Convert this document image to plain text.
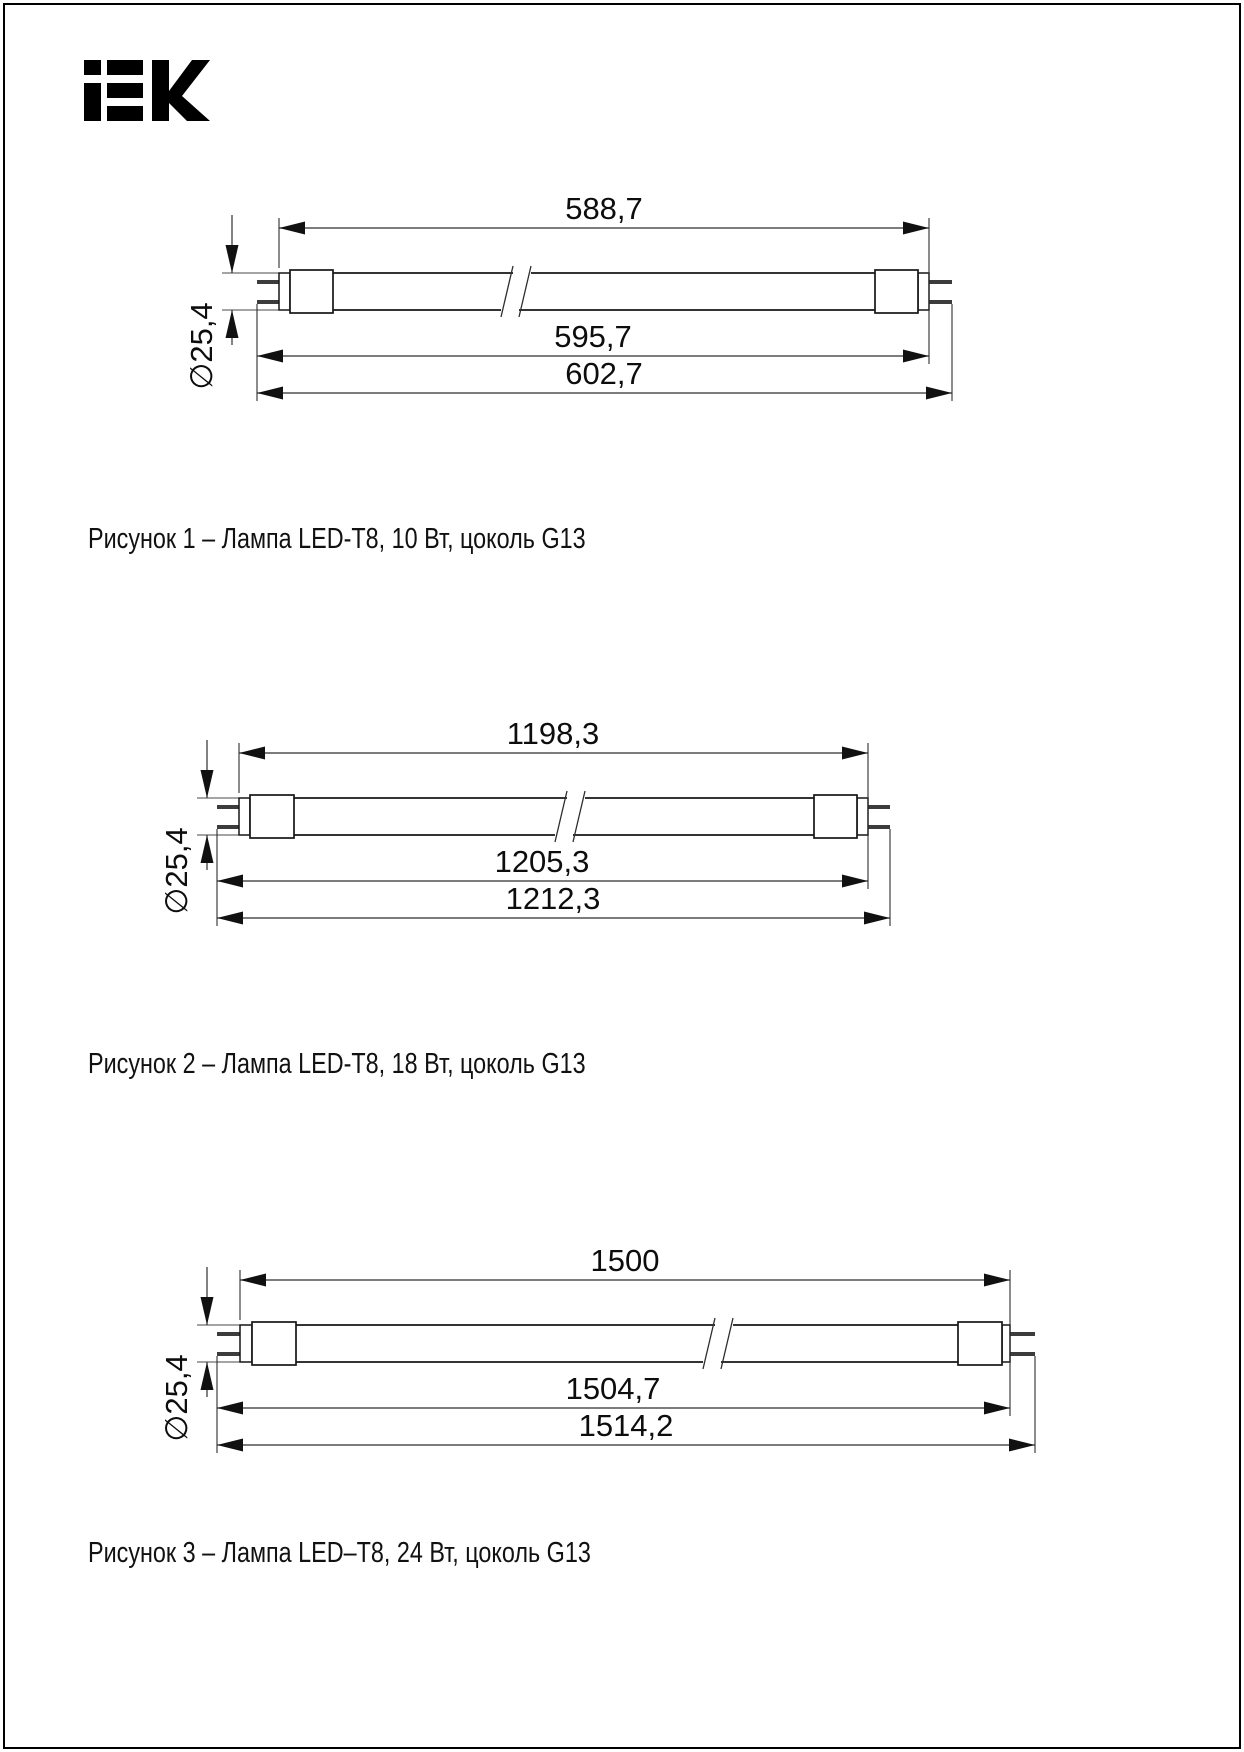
588,7
595,7
602,7
∅25,4
1198,3
1205,3
1212,3
∅25,4
1500
1504,7
1514,2
∅25,4
Рисунок 1 – Лампа LED-T8, 10 Вт, цоколь G13
Рисунок 2 – Лампа LED-T8, 18 Вт, цоколь G13
Рисунок 3 – Лампа LED–T8, 24 Вт, цоколь G13
